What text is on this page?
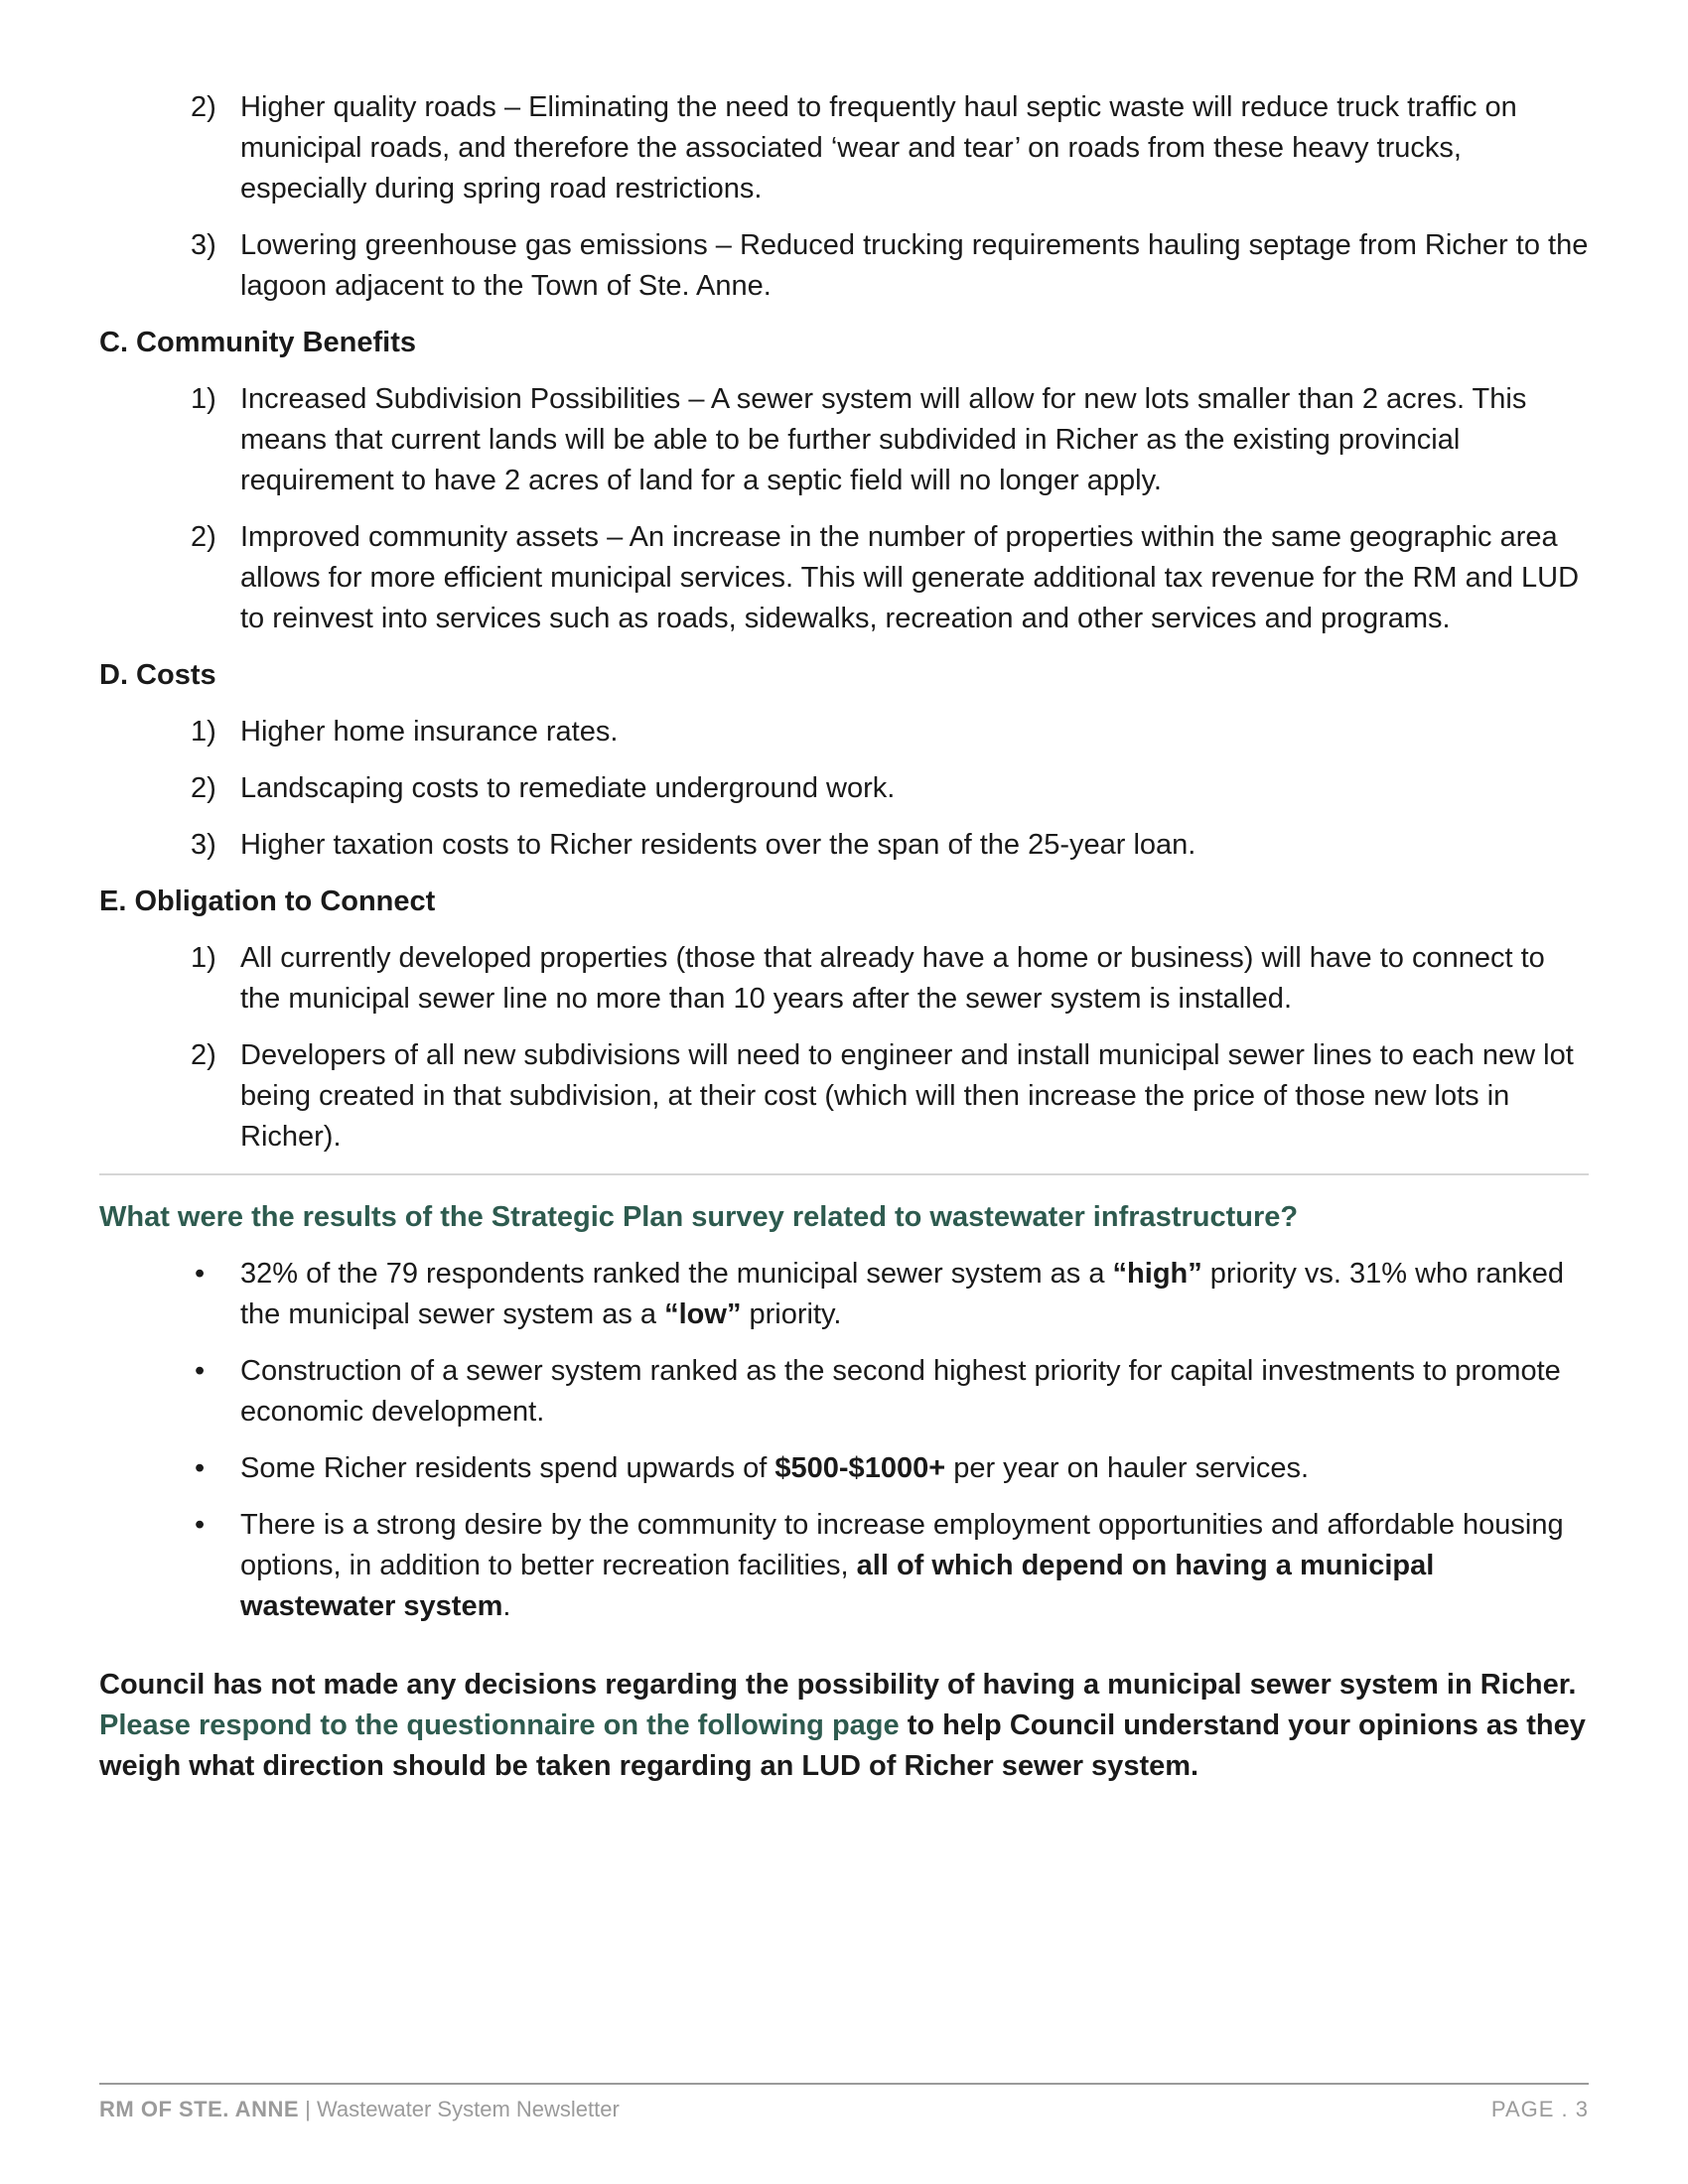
2) Higher quality roads – Eliminating the need to frequently haul septic waste will reduce truck traffic on municipal roads, and therefore the associated ‘wear and tear’ on roads from these heavy trucks, especially during spring road restrictions.
3) Lowering greenhouse gas emissions – Reduced trucking requirements hauling septage from Richer to the lagoon adjacent to the Town of Ste. Anne.
C. Community Benefits
1) Increased Subdivision Possibilities – A sewer system will allow for new lots smaller than 2 acres. This means that current lands will be able to be further subdivided in Richer as the existing provincial requirement to have 2 acres of land for a septic field will no longer apply.
2) Improved community assets – An increase in the number of properties within the same geographic area allows for more efficient municipal services. This will generate additional tax revenue for the RM and LUD to reinvest into services such as roads, sidewalks, recreation and other services and programs.
D. Costs
1) Higher home insurance rates.
2) Landscaping costs to remediate underground work.
3) Higher taxation costs to Richer residents over the span of the 25-year loan.
E. Obligation to Connect
1) All currently developed properties (those that already have a home or business) will have to connect to the municipal sewer line no more than 10 years after the sewer system is installed.
2) Developers of all new subdivisions will need to engineer and install municipal sewer lines to each new lot being created in that subdivision, at their cost (which will then increase the price of those new lots in Richer).
What were the results of the Strategic Plan survey related to wastewater infrastructure?
• 32% of the 79 respondents ranked the municipal sewer system as a “high” priority vs. 31% who ranked the municipal sewer system as a “low” priority.
• Construction of a sewer system ranked as the second highest priority for capital investments to promote economic development.
• Some Richer residents spend upwards of $500-$1000+ per year on hauler services.
• There is a strong desire by the community to increase employment opportunities and affordable housing options, in addition to better recreation facilities, all of which depend on having a municipal wastewater system.
Council has not made any decisions regarding the possibility of having a municipal sewer system in Richer. Please respond to the questionnaire on the following page to help Council understand your opinions as they weigh what direction should be taken regarding an LUD of Richer sewer system.
RM OF STE. ANNE | Wastewater System Newsletter	PAGE . 3
